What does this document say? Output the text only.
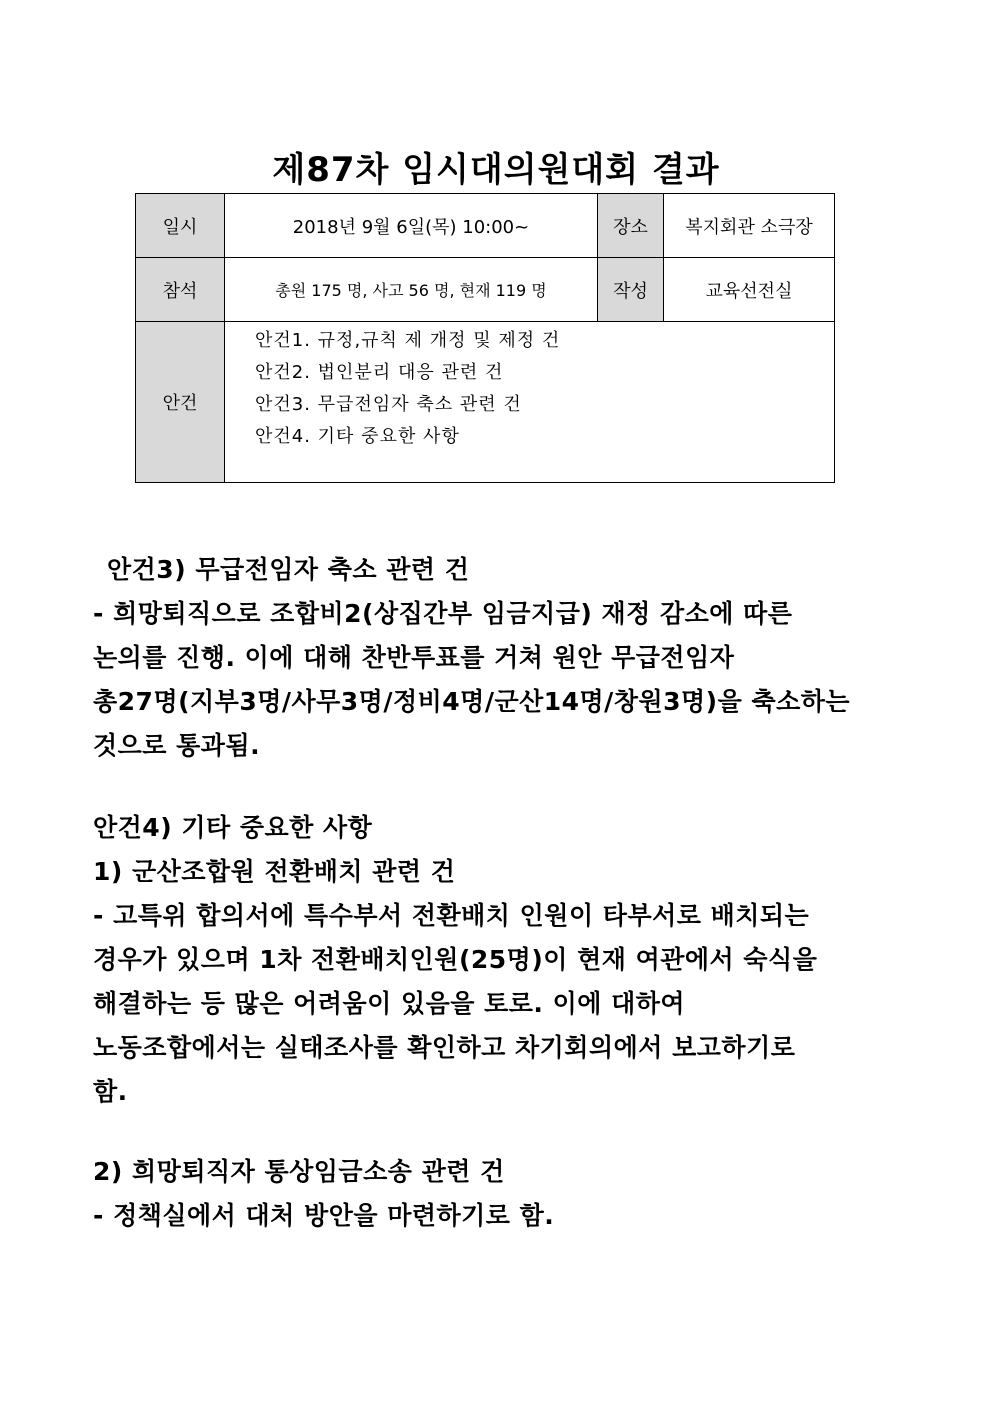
제87차 임시대의원대회 결과
일시	2018년 9월 6일(목) 10:00~	장소	복지회관 소극장
참석	총원 175 명, 사고 56 명, 현재 119 명	작성	교육선전실
안건	안건1. 규정,규칙 제 개정 및 제정 건
안건2. 법인분리 대응 관련 건
안건3. 무급전임자 축소 관련 건
안건4. 기타 중요한 사항		
안건3) 무급전임자 축소 관련 건
- 희망퇴직으로 조합비2(상집간부 임금지급) 재정 감소에 따른
논의를 진행. 이에 대해 찬반투표를 거쳐 원안 무급전임자
총27명(지부3명/사무3명/정비4명/군산14명/창원3명)을 축소하는
것으로 통과됨.
안건4) 기타 중요한 사항
1) 군산조합원 전환배치 관련 건
- 고특위 합의서에 특수부서 전환배치 인원이 타부서로 배치되는
경우가 있으며 1차 전환배치인원(25명)이 현재 여관에서 숙식을
해결하는 등 많은 어려움이 있음을 토로. 이에 대하여
노동조합에서는 실태조사를 확인하고 차기회의에서 보고하기로
함.
2) 희망퇴직자 통상임금소송 관련 건
- 정책실에서 대처 방안을 마련하기로 함.
